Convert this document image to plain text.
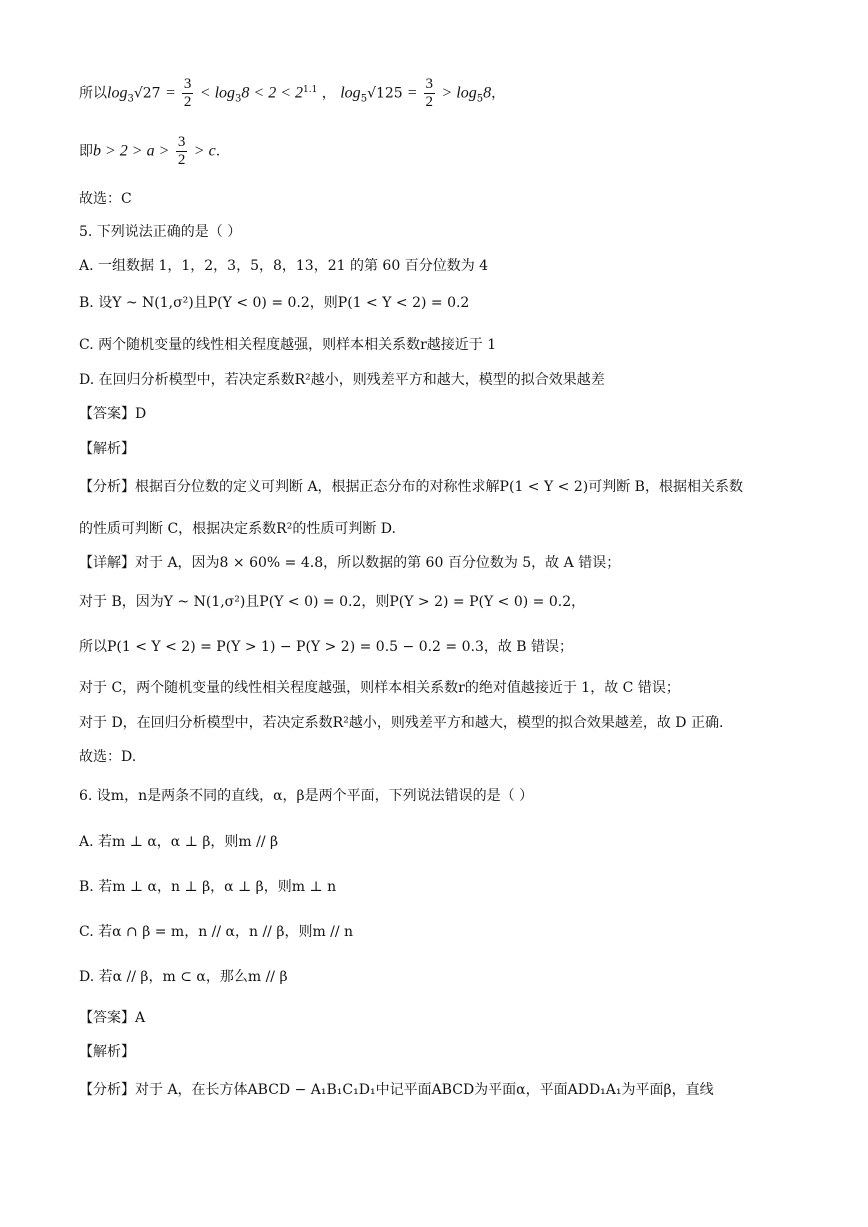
所以$\log_3√27 = \frac{3}{2} < \log_38 < 2 < 2^{1.1}$ ， $\log_5√125 = \frac{3}{2} > \log_58$，
即$b > 2 > a > \frac{3}{2} > c$.
故选：C
5. 下列说法正确的是（ ）
A. 一组数据 1，1，2，3，5，8，13，21 的第 60 百分位数为 4
B. 设Y ~ N(1,σ²)且P(Y < 0) = 0.2，则P(1 < Y < 2) = 0.2
C. 两个随机变量的线性相关程度越强，则样本相关系数r越接近于 1
D. 在回归分析模型中，若决定系数R²越小，则残差平方和越大，模型的拟合效果越差
【答案】D
【解析】
【分析】根据百分位数的定义可判断 A，根据正态分布的对称性求解P(1 < Y < 2)可判断 B，根据相关系数
的性质可判断 C，根据决定系数R²的性质可判断 D.
【详解】对于 A，因为8 × 60% = 4.8，所以数据的第 60 百分位数为 5，故 A 错误；
对于 B，因为Y ~ N(1,σ²)且P(Y < 0) = 0.2，则P(Y > 2) = P(Y < 0) = 0.2，
所以P(1 < Y < 2) = P(Y > 1) − P(Y > 2) = 0.5 − 0.2 = 0.3，故 B 错误；
对于 C，两个随机变量的线性相关程度越强，则样本相关系数r的绝对值越接近于 1，故 C 错误；
对于 D，在回归分析模型中，若决定系数R²越小，则残差平方和越大，模型的拟合效果越差，故 D 正确.
故选：D.
6. 设m，n是两条不同的直线，α，β是两个平面，下列说法错误的是（ ）
A. 若m ⊥ α，α ⊥ β，则m // β
B. 若m ⊥ α，n ⊥ β，α ⊥ β，则m ⊥ n
C. 若α ∩ β = m，n // α，n // β，则m // n
D. 若α // β，m ⊂ α，那么m // β
【答案】A
【解析】
【分析】对于 A，在长方体ABCD − A₁B₁C₁D₁中记平面ABCD为平面α，平面ADD₁A₁为平面β，直线
